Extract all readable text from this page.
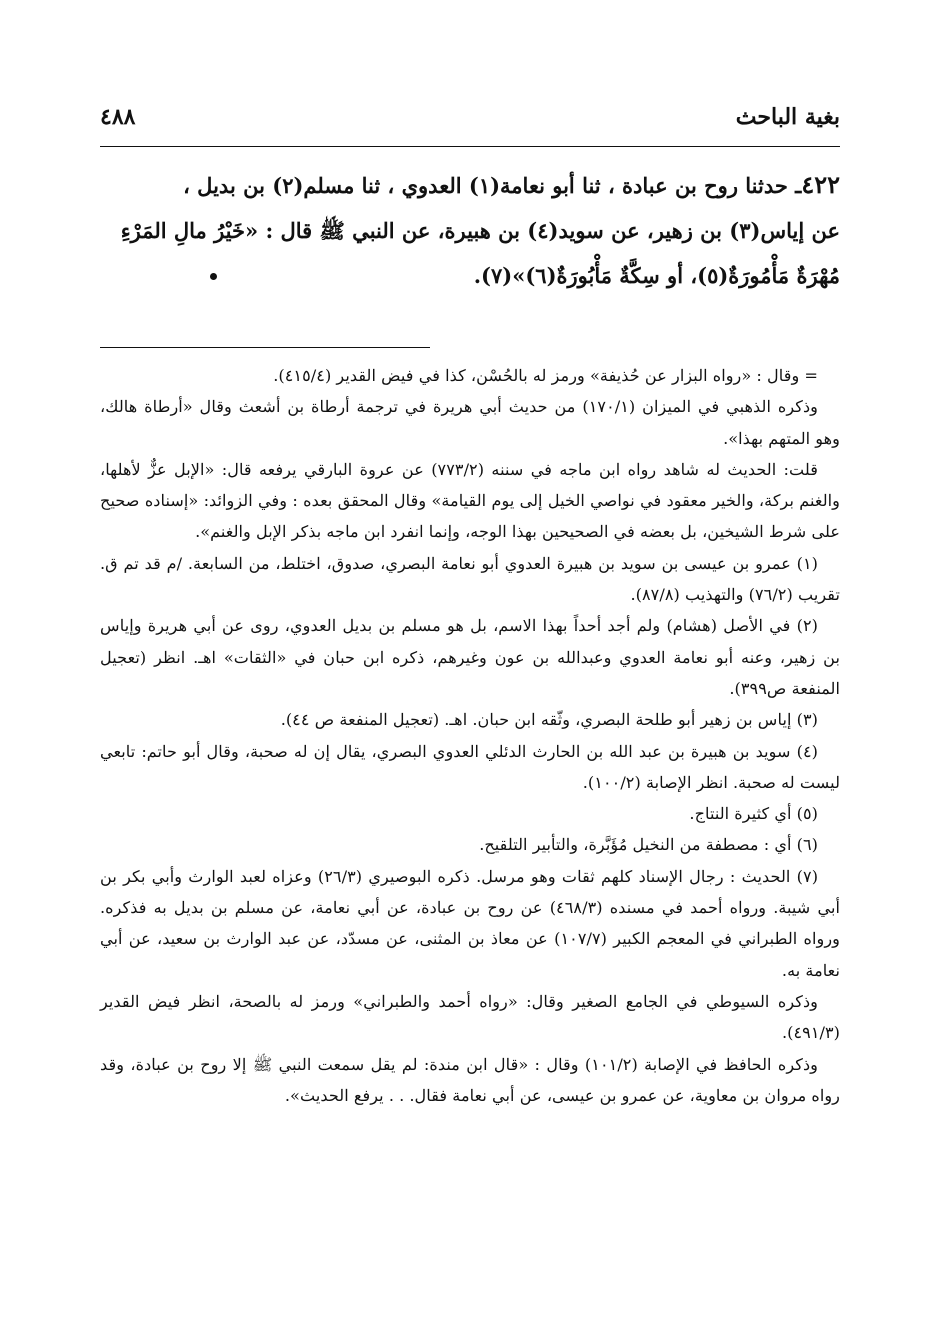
بغية الباحث
٤٨٨

٤٢٢ـ حدثنا روح بن عبادة ، ثنا أبو نعامة(١) العدوي ، ثنا مسلم(٢) بن بديل ،

عن إياس(٣) بن زهير، عن سويد(٤) بن هبيرة، عن النبي ﷺ قال : «خَيْرُ مالِ المَرْءِ

مُهْرَةٌ مَأْمُورَةٌ(٥)، أو سِكَّةٌ مَأْبُورَةٌ(٦)»(٧).

= وقال : «رواه البزار عن حُذيفة» ورمز له بالحُسْن، كذا في فيض القدير (٤١٥/٤).

وذكره الذهبي في الميزان (١٧٠/١) من حديث أبي هريرة في ترجمة أرطاة بن أشعث وقال «أرطاة هالك، وهو المتهم بهذا».

قلت: الحديث له شاهد رواه ابن ماجه في سننه (٧٧٣/٢) عن عروة البارقي يرفعه قال: «الإبل عزٌّ لأهلها، والغنم بركة، والخير معقود في نواصي الخيل إلى يوم القيامة» وقال المحقق بعده : وفي الزوائد: «إسناده صحيح على شرط الشيخين، بل بعضه في الصحيحين بهذا الوجه، وإنما انفرد ابن ماجه بذكر الإبل والغنم».

(١) عمرو بن عيسى بن سويد بن هبيرة العدوي أبو نعامة البصري، صدوق، اختلط، من السابعة. /م قد تم ق. تقريب (٧٦/٢) والتهذيب (٨٧/٨).

(٢) في الأصل (هشام) ولم أجد أحداً بهذا الاسم، بل هو مسلم بن بديل العدوي، روى عن أبي هريرة وإياس بن زهير، وعنه أبو نعامة العدوي وعبدالله بن عون وغيرهم، ذكره ابن حبان في «الثقات» اهـ. انظر (تعجيل المنفعة ص٣٩٩).

(٣) إياس بن زهير أبو طلحة البصري، وثّقه ابن حبان. اهـ. (تعجيل المنفعة ص ٤٤).

(٤) سويد بن هبيرة بن عبد الله بن الحارث الدئلي العدوي البصري، يقال إن له صحبة، وقال أبو حاتم: تابعي ليست له صحبة. انظر الإصابة (١٠٠/٢).

(٥) أي كثيرة النتاج.

(٦) أي : مصطفة من النخيل مُؤَبَّرة، والتأبير التلقيح.

(٧) الحديث : رجال الإسناد كلهم ثقات وهو مرسل. ذكره البوصيري (٢٦/٣) وعزاه لعبد الوارث وأبي بكر بن أبي شيبة. ورواه أحمد في مسنده (٤٦٨/٣) عن روح بن عبادة، عن أبي نعامة، عن مسلم بن بديل به فذكره. ورواه الطبراني في المعجم الكبير (١٠٧/٧) عن معاذ بن المثنى، عن مسدّد، عن عبد الوارث بن سعيد، عن أبي نعامة به.

وذكره السيوطي في الجامع الصغير وقال: «رواه أحمد والطبراني» ورمز له بالصحة، انظر فيض القدير (٤٩١/٣).

وذكره الحافظ في الإصابة (١٠١/٢) وقال : «قال ابن مندة: لم يقل سمعت النبي ﷺ إلا روح بن عبادة، وقد رواه مروان بن معاوية، عن عمرو بن عيسى، عن أبي نعامة فقال. . . يرفع الحديث».
